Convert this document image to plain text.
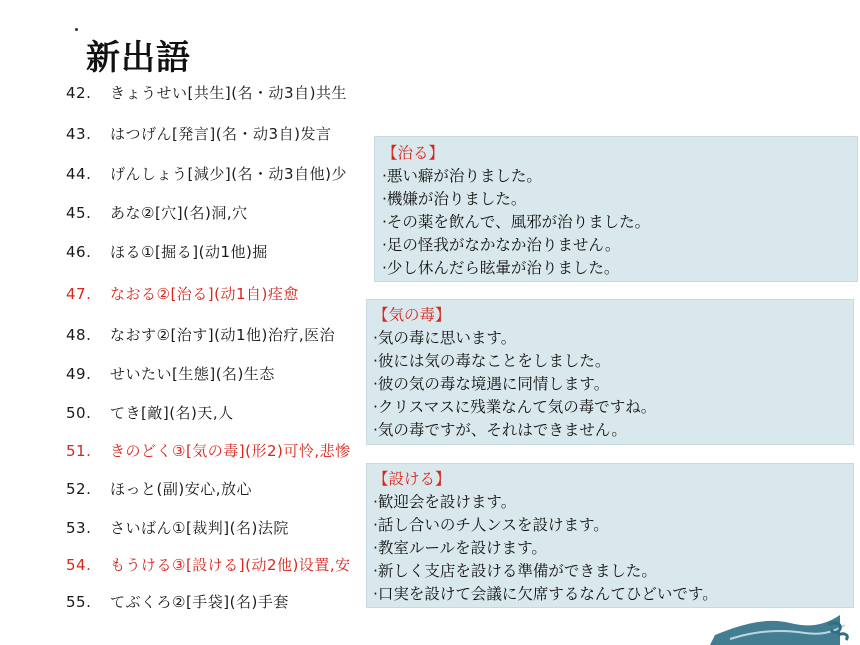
新出語
42. きょうせい[共生](名・动3自)共生
43. はつげん[発言](名・动3自)发言
44. げんしょう[減少](名・动3自他)少
45. あな②[穴](名)洞,穴
46. ほる①[掘る](动1他)掘
47. なおる②[治る](动1自)痊愈
48. なおす②[治す](动1他)治疗,医治
49. せいたい[生態](名)生态
50. てき[敵](名)天,人
51. きのどく③[気の毒](形2)可怜,悲惨
52. ほっと(副)安心,放心
53. さいばん①[裁判](名)法院
54. もうける③[設ける](动2他)设置,安
55. てぶくろ②[手袋](名)手套
【治る】
·悪い癖が治りました。
·機嫌が治りました。
·その薬を飲んで、風邪が治りました。
·足の怪我がなかなか治りません。
·少し休んだら眩暈が治りました。
【気の毒】
·気の毒に思います。
·彼には気の毒なことをしました。
·彼の気の毒な境遇に同情します。
·クリスマスに残業なんて気の毒ですね。
·気の毒ですが、それはできません。
【設ける】
·歓迎会を設けます。
·話し合いのチ人ンスを設けます。
·教室ルールを設けます。
·新しく支店を設ける準備ができました。
·口実を設けて会議に欠席するなんてひどいです。
